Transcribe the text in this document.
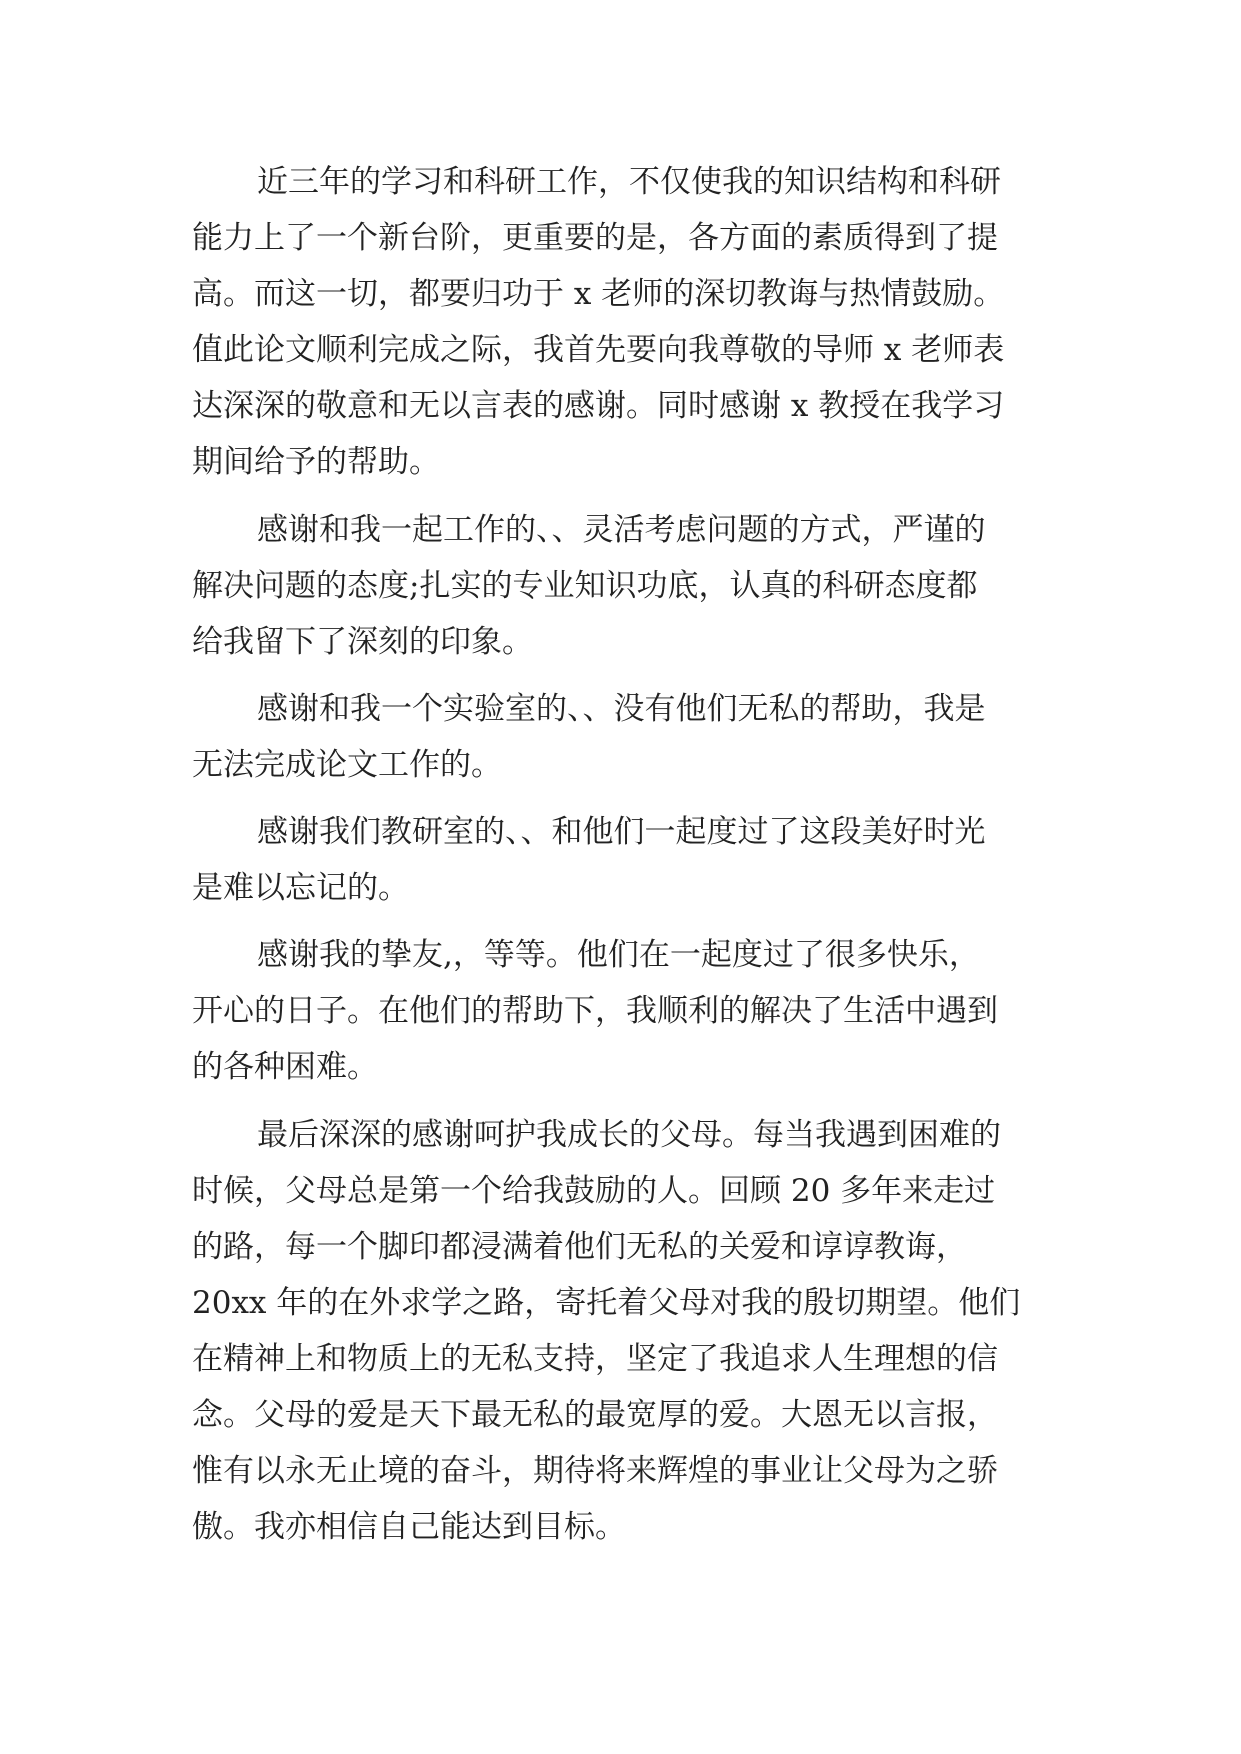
近三年的学习和科研工作，不仅使我的知识结构和科研

能力上了一个新台阶，更重要的是，各方面的素质得到了提

高。而这一切，都要归功于 x 老师的深切教诲与热情鼓励。

值此论文顺利完成之际，我首先要向我尊敬的导师 x 老师表

达深深的敬意和无以言表的感谢。同时感谢 x 教授在我学习

期间给予的帮助。

感谢和我一起工作的、、灵活考虑问题的方式，严谨的

解决问题的态度;扎实的专业知识功底，认真的科研态度都

给我留下了深刻的印象。

感谢和我一个实验室的、、没有他们无私的帮助，我是

无法完成论文工作的。

感谢我们教研室的、、和他们一起度过了这段美好时光

是难以忘记的。

感谢我的挚友,，等等。他们在一起度过了很多快乐，

开心的日子。在他们的帮助下，我顺利的解决了生活中遇到

的各种困难。

最后深深的感谢呵护我成长的父母。每当我遇到困难的

时候，父母总是第一个给我鼓励的人。回顾 20 多年来走过

的路，每一个脚印都浸满着他们无私的关爱和谆谆教诲，

20xx 年的在外求学之路，寄托着父母对我的殷切期望。他们

在精神上和物质上的无私支持，坚定了我追求人生理想的信

念。父母的爱是天下最无私的最宽厚的爱。大恩无以言报，

惟有以永无止境的奋斗，期待将来辉煌的事业让父母为之骄

傲。我亦相信自己能达到目标。
